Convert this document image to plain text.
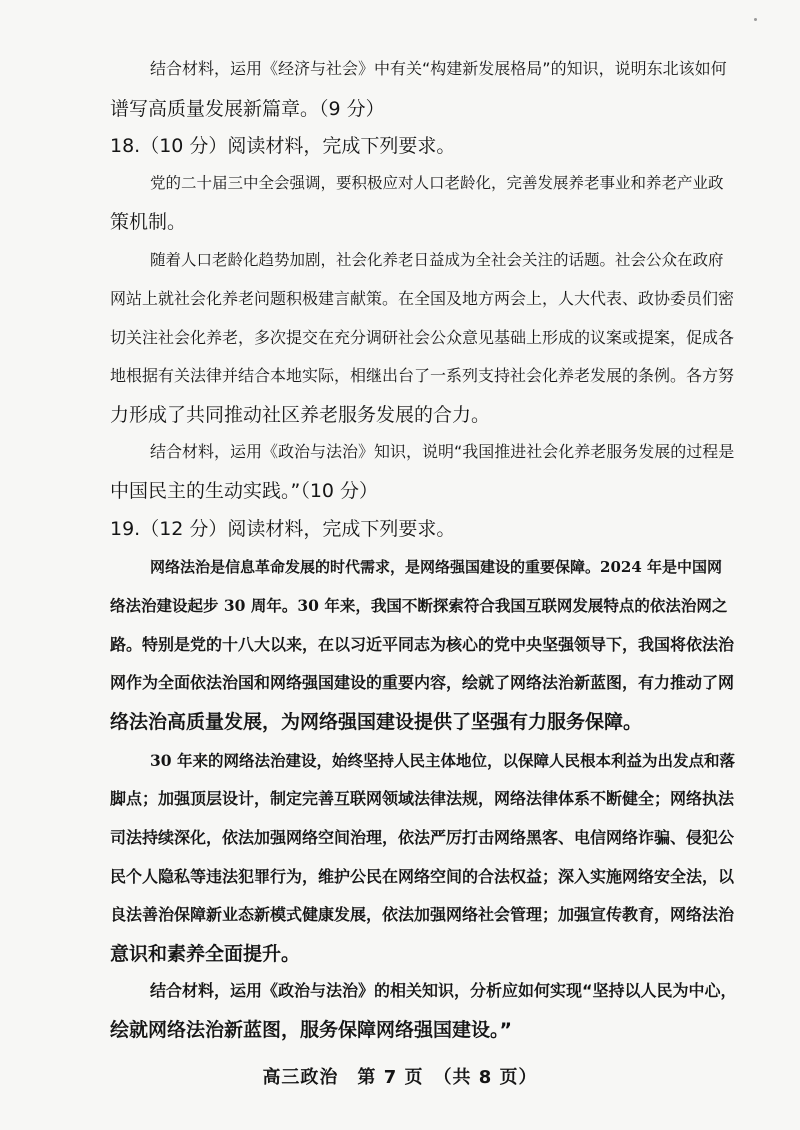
结合材料，运用《经济与社会》中有关“构建新发展格局”的知识，说明东北该如何
谱写高质量发展新篇章。（9 分）
18.（10 分）阅读材料，完成下列要求。
党的二十届三中全会强调，要积极应对人口老龄化，完善发展养老事业和养老产业政
策机制。
随着人口老龄化趋势加剧，社会化养老日益成为全社会关注的话题。社会公众在政府
网站上就社会化养老问题积极建言献策。在全国及地方两会上，人大代表、政协委员们密
切关注社会化养老，多次提交在充分调研社会公众意见基础上形成的议案或提案，促成各
地根据有关法律并结合本地实际，相继出台了一系列支持社会化养老发展的条例。各方努
力形成了共同推动社区养老服务发展的合力。
结合材料，运用《政治与法治》知识，说明“我国推进社会化养老服务发展的过程是
中国民主的生动实践。”（10 分）
19.（12 分）阅读材料，完成下列要求。
网络法治是信息革命发展的时代需求，是网络强国建设的重要保障。2024 年是中国网
络法治建设起步 30 周年。30 年来，我国不断探索符合我国互联网发展特点的依法治网之
路。特别是党的十八大以来，在以习近平同志为核心的党中央坚强领导下，我国将依法治
网作为全面依法治国和网络强国建设的重要内容，绘就了网络法治新蓝图，有力推动了网
络法治高质量发展，为网络强国建设提供了坚强有力服务保障。
30 年来的网络法治建设，始终坚持人民主体地位，以保障人民根本利益为出发点和落
脚点；加强顶层设计，制定完善互联网领域法律法规，网络法律体系不断健全；网络执法
司法持续深化，依法加强网络空间治理，依法严厉打击网络黑客、电信网络诈骗、侵犯公
民个人隐私等违法犯罪行为，维护公民在网络空间的合法权益；深入实施网络安全法，以
良法善治保障新业态新模式健康发展，依法加强网络社会管理；加强宣传教育，网络法治
意识和素养全面提升。
结合材料，运用《政治与法治》的相关知识，分析应如何实现“坚持以人民为中心，
绘就网络法治新蓝图，服务保障网络强国建设。”
高三政治　第 7 页　（共 8 页）
